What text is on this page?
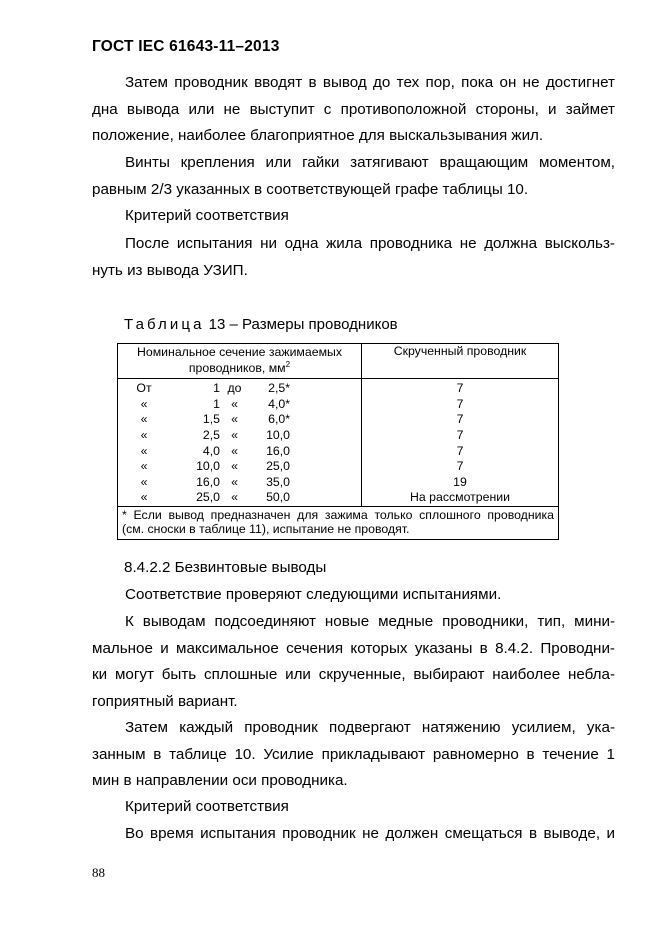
ГОСТ IEC 61643-11–2013
Затем проводник вводят в вывод до тех пор, пока он не достигнет
дна вывода или не выступит с противоположной стороны, и займет
положение, наиболее благоприятное для выскальзывания жил.
Винты крепления или гайки затягивают вращающим моментом,
равным 2/3 указанных в соответствующей графе таблицы 10.
Критерий соответствия
После испытания ни одна жила проводника не должна выскольз-
нуть из вывода УЗИП.
Таблица 13 – Размеры проводников
Номинальное сечение зажимаемых
проводников, $мм^2$	Скрученный проводник

От 1 до 2,5*	7

« 1 « 4,0*	7

« 1,5 « 6,0*	7

« 2,5 « 10,0	7

« 4,0 « 16,0	7

« 10,0 « 25,0	7

« 16,0 « 35,0	19

« 25,0 « 50,0	На рассмотрении

* Если вывод предназначен для зажима только сплошного проводника
(см. сноски в таблице 11), испытание не проводят.	
8.4.2.2 Безвинтовые выводы
Соответствие проверяют следующими испытаниями.
К выводам подсоединяют новые медные проводники, тип, мини-
мальное и максимальное сечения которых указаны в 8.4.2. Проводни-
ки могут быть сплошные или скрученные, выбирают наиболее небла-
гоприятный вариант.
Затем каждый проводник подвергают натяжению усилием, ука-
занным в таблице 10. Усилие прикладывают равномерно в течение 1
мин в направлении оси проводника.
Критерий соответствия
Во время испытания проводник не должен смещаться в выводе, и
88
